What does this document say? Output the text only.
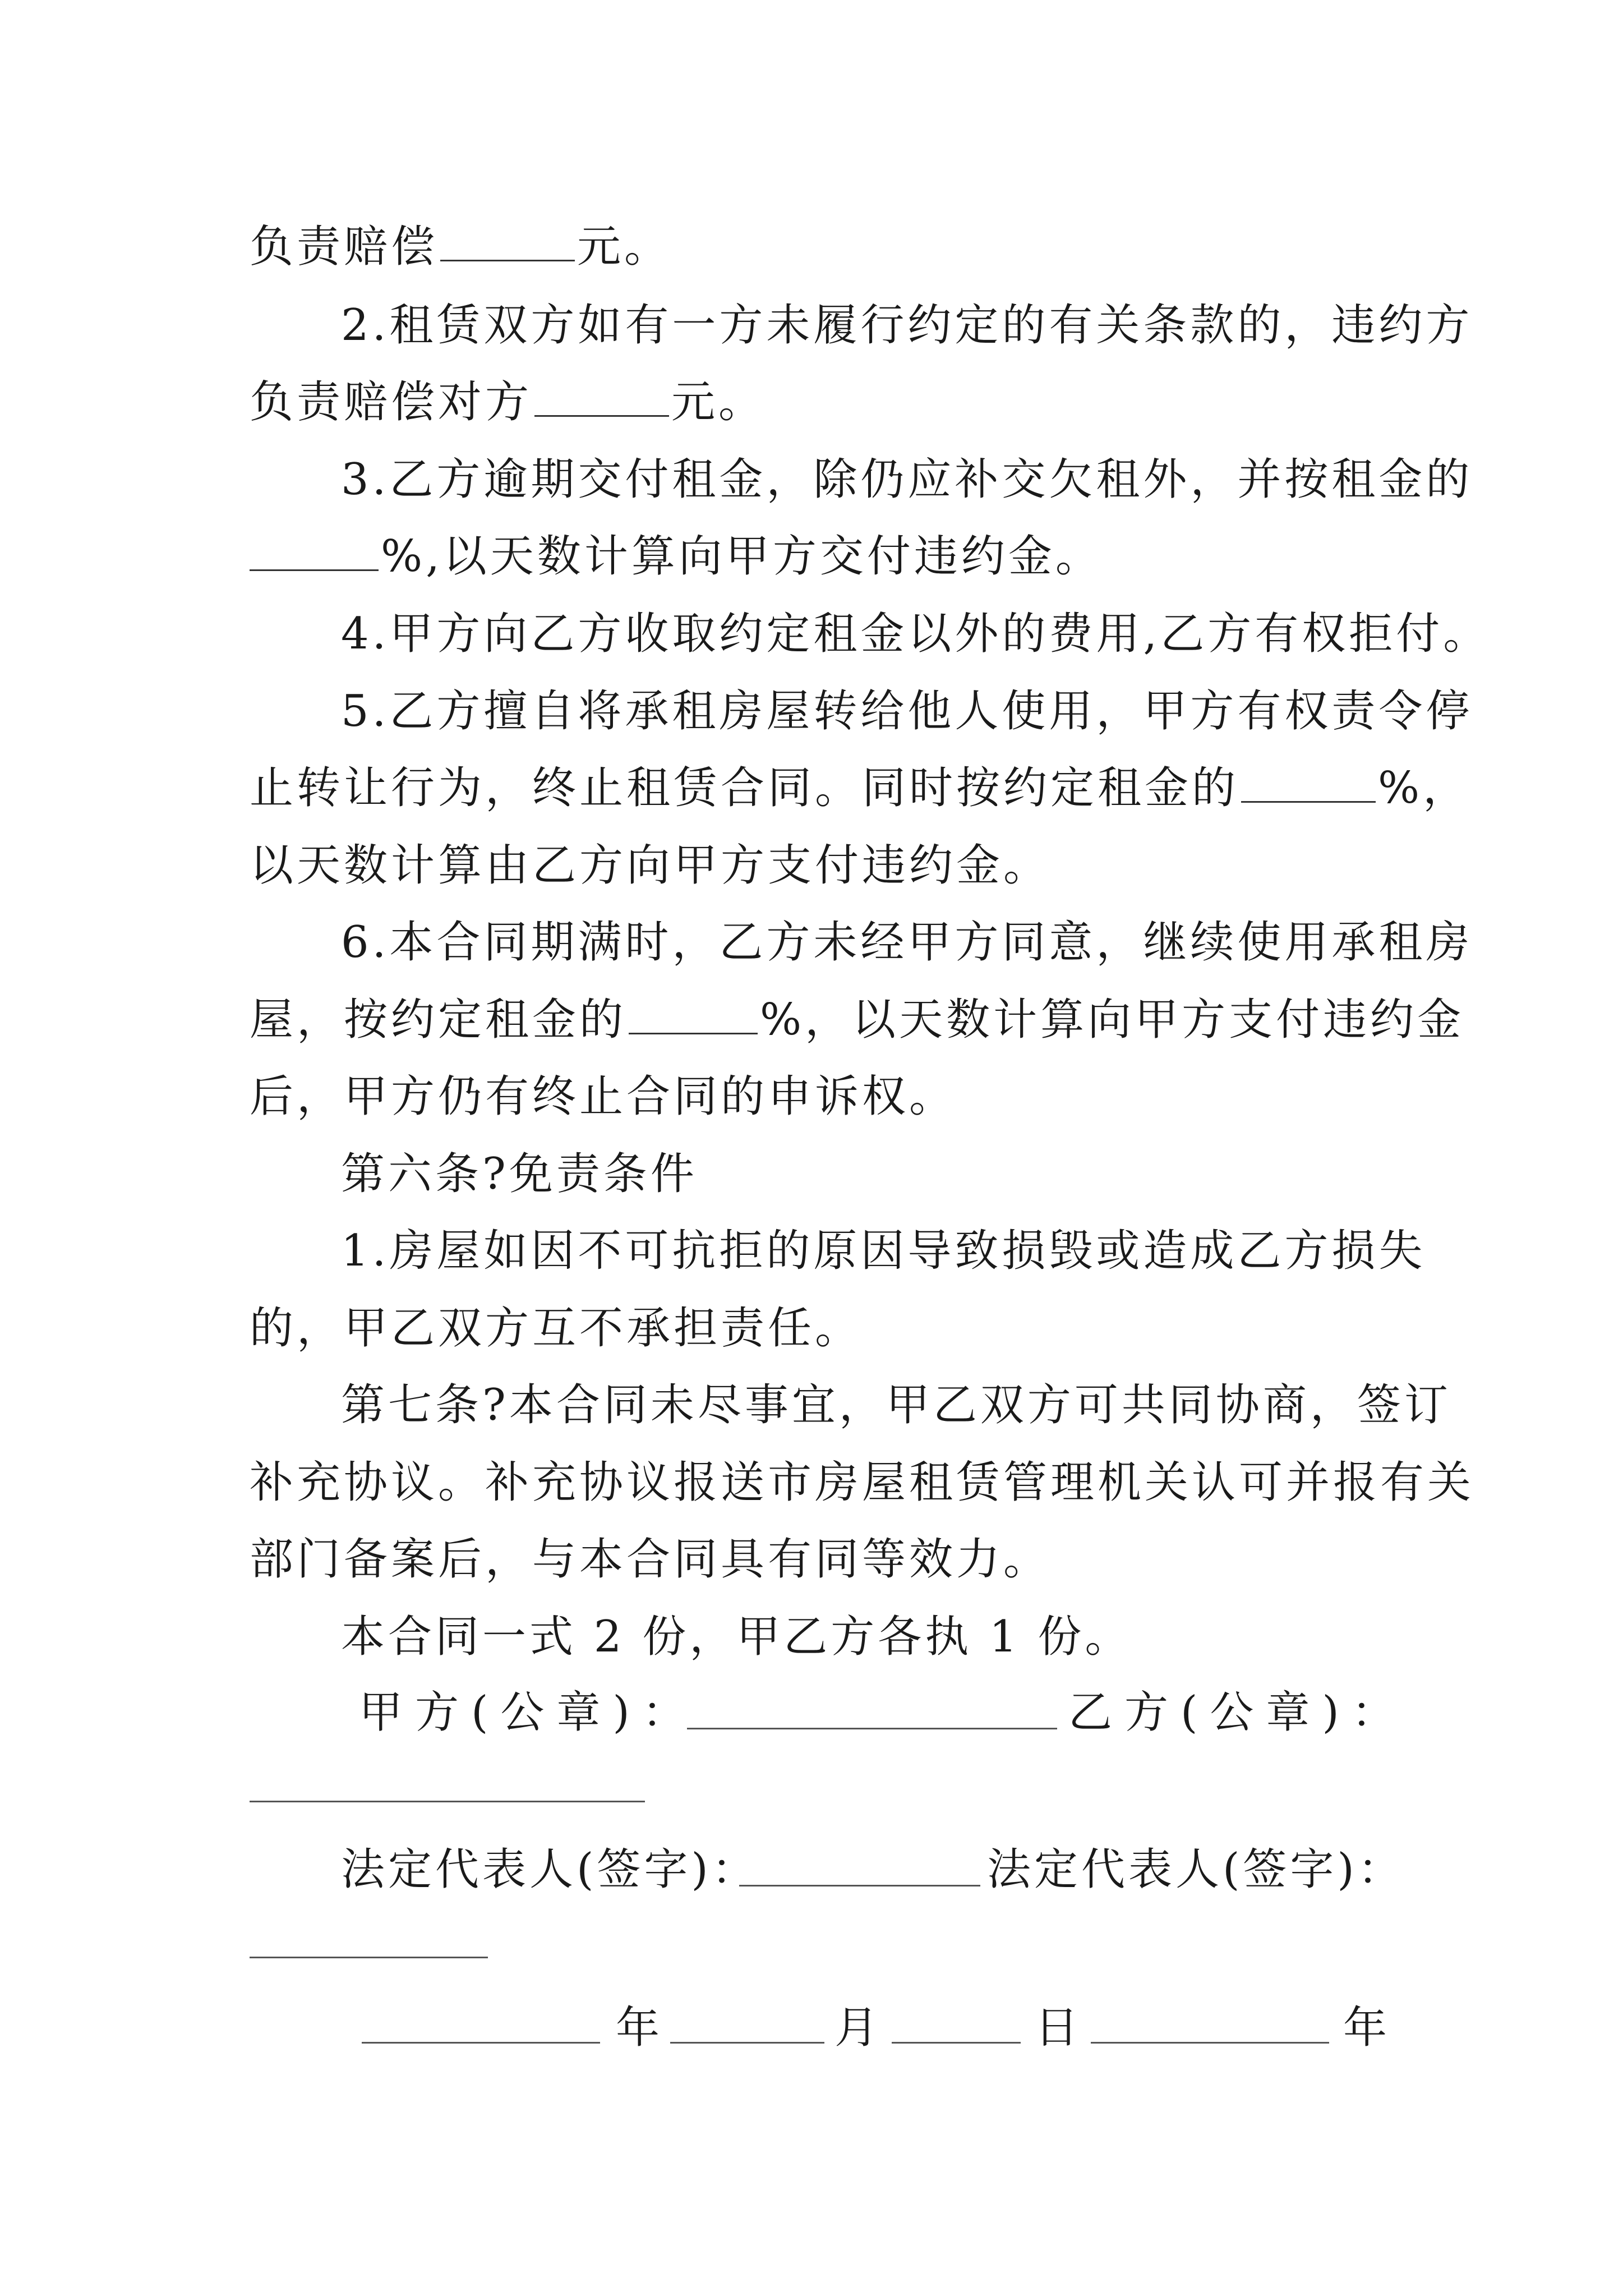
负责赔偿	元。
2.租赁双方如有一方未履行约定的有关条款的，违约方
负责赔偿对方	元。
3.乙方逾期交付租金，除仍应补交欠租外，并按租金的
%,以天数计算向甲方交付违约金。
4.甲方向乙方收取约定租金以外的费用,乙方有权拒付。
5.乙方擅自将承租房屋转给他人使用，甲方有权责令停
止转让行为，终止租赁合同。同时按约定租金的	%，
以天数计算由乙方向甲方支付违约金。
6.本合同期满时，乙方未经甲方同意，继续使用承租房
屋，按约定租金的	%，以天数计算向甲方支付违约金
后，甲方仍有终止合同的申诉权。
第六条?免责条件
1.房屋如因不可抗拒的原因导致损毁或造成乙方损失
的，甲乙双方互不承担责任。
第七条?本合同未尽事宜，甲乙双方可共同协商，签订
补充协议。补充协议报送市房屋租赁管理机关认可并报有关
部门备案后，与本合同具有同等效力。
本合同一式 2 份，甲乙方各执 1 份。
甲方(公章)：	乙方(公章)：
法定代表人(签字)：	法定代表人(签字)：
年	月	日	年
